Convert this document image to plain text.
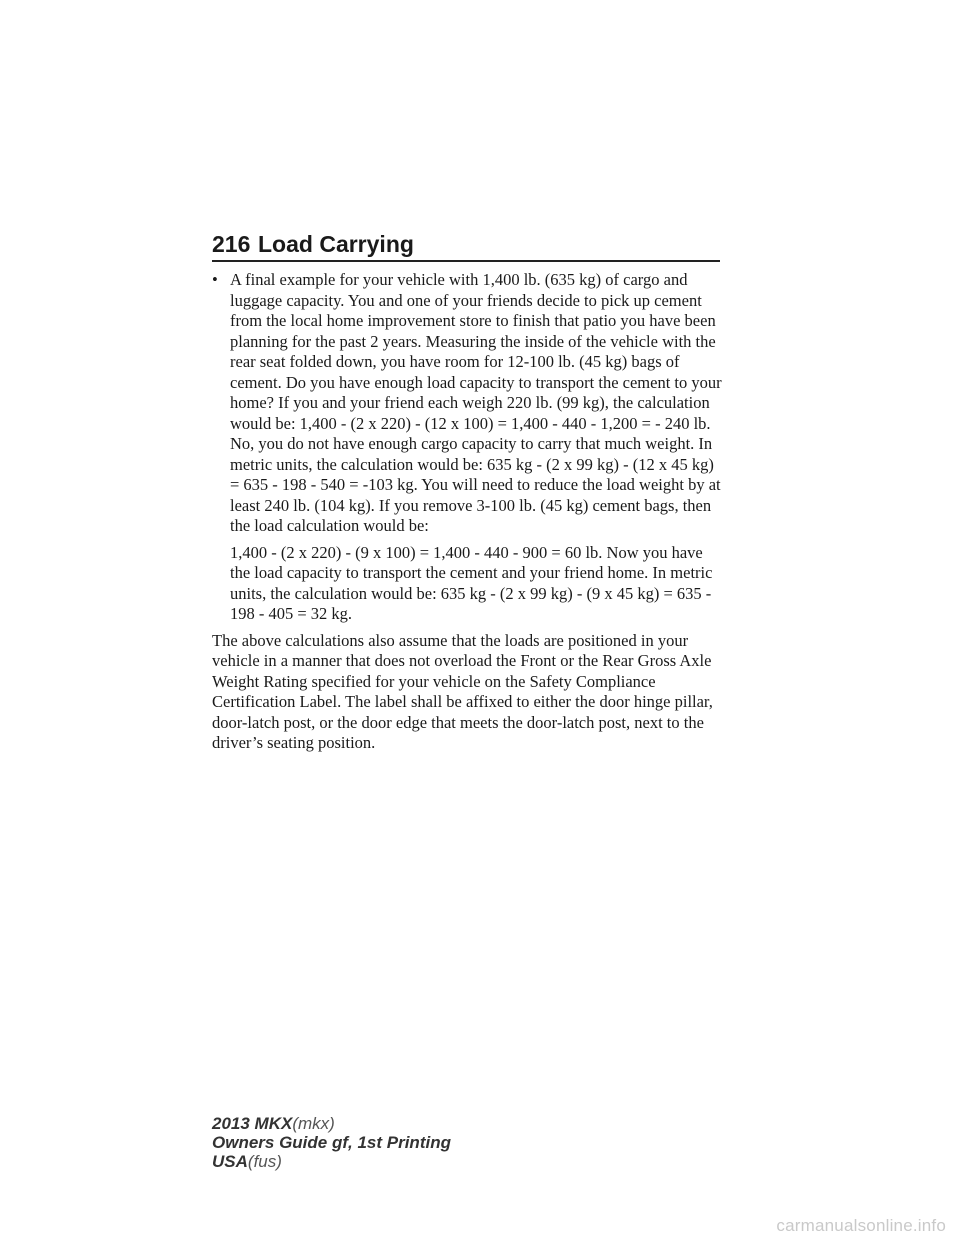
216 Load Carrying
• A final example for your vehicle with 1,400 lb. (635 kg) of cargo and luggage capacity. You and one of your friends decide to pick up cement from the local home improvement store to finish that patio you have been planning for the past 2 years. Measuring the inside of the vehicle with the rear seat folded down, you have room for 12-100 lb. (45 kg) bags of cement. Do you have enough load capacity to transport the cement to your home? If you and your friend each weigh 220 lb. (99 kg), the calculation would be: 1,400 - (2 x 220) - (12 x 100) = 1,400 - 440 - 1,200 = - 240 lb. No, you do not have enough cargo capacity to carry that much weight. In metric units, the calculation would be: 635 kg - (2 x 99 kg) - (12 x 45 kg) = 635 - 198 - 540 = -103 kg. You will need to reduce the load weight by at least 240 lb. (104 kg). If you remove 3-100 lb. (45 kg) cement bags, then the load calculation would be:
1,400 - (2 x 220) - (9 x 100) = 1,400 - 440 - 900 = 60 lb. Now you have the load capacity to transport the cement and your friend home. In metric units, the calculation would be: 635 kg - (2 x 99 kg) - (9 x 45 kg) = 635 - 198 - 405 = 32 kg.

The above calculations also assume that the loads are positioned in your vehicle in a manner that does not overload the Front or the Rear Gross Axle Weight Rating specified for your vehicle on the Safety Compliance Certification Label. The label shall be affixed to either the door hinge pillar, door-latch post, or the door edge that meets the door-latch post, next to the driver’s seating position.

2013 MKX(mkx)
Owners Guide gf, 1st Printing
USA(fus)
carmanualsonline.info
